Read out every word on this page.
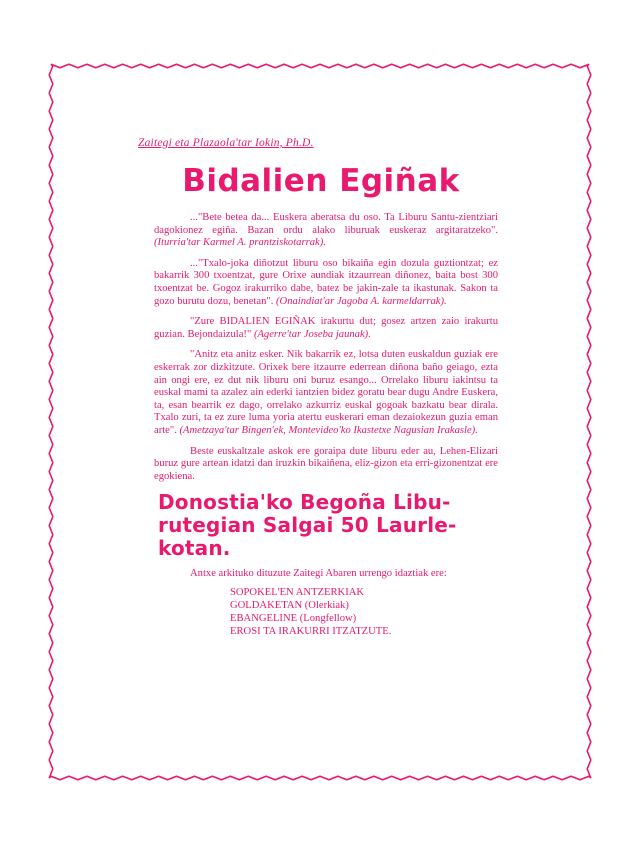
Zaitegi eta Plazaola'tar Iokin, Ph.D.

Bidalien Egiñak

..."Bete betea da... Euskera aberatsa du oso. Ta Liburu Santu-zientziari dagokionez egiña. Bazan ordu alako liburuak euskeraz argitaratzeko". (Iturria'tar Karmel A. prantziskotarrak).

..."Txalo-joka diñotzut liburu oso bikaiña egin dozula guztiontzat; ez bakarrik 300 txoentzat, gure Orixe aundiak itzaurrean diñonez, baita bost 300 txoentzat be. Gogoz irakurriko dabe, batez be jakin-zale ta ikastunak. Sakon ta gozo burutu dozu, benetan". (Onaindiat'ar Jagoba A. karmeldarrak).

"Zure BIDALIEN EGIÑAK irakurtu dut; gosez artzen zaio irakurtu guzian. Bejondaizula!" (Agerre'tar Joseba jaunak).

"Anitz eta anitz esker. Nik bakarrik ez, lotsa duten euskaldun guziak ere eskerrak zor dizkitzute. Orixek bere itzaurre ederrean diñona baño geiago, ezta ain ongi ere, ez dut nik liburu oni buruz esango... Orrelako liburu iakintsu ta euskal mami ta azalez ain ederki iantzien bidez goratu bear dugu Andre Euskera, ta, esan bearrik ez dago, orrelako azkurriz euskal gogoak bazkatu bear dirala. Txalo zuri, ta ez zure luma yoria atertu euskerari eman dezaiokezun guzia eman arte". (Ametzaya'tar Bingen'ek, Montevideo'ko Ikastetxe Nagusian Irakasle).

Beste euskaltzale askok ere goraipa dute liburu eder au, Lehen-Elizari buruz gure artean idatzi dan iruzkin bikaiñena, eliz-gizon eta erri-gizonentzat ere egokiena.

Donostia'ko Begoña Libu-
rutegian Salgai 50 Laurle-
kotan.

Antxe arkituko dituzute Zaitegi Abaren urrengo idaztiak ere:

SOPOKEL'EN ANTZERKIAK
GOLDAKETAN (Olerkiak)
EBANGELINE (Longfellow)
EROSI TA IRAKURRI ITZATZUTE.
